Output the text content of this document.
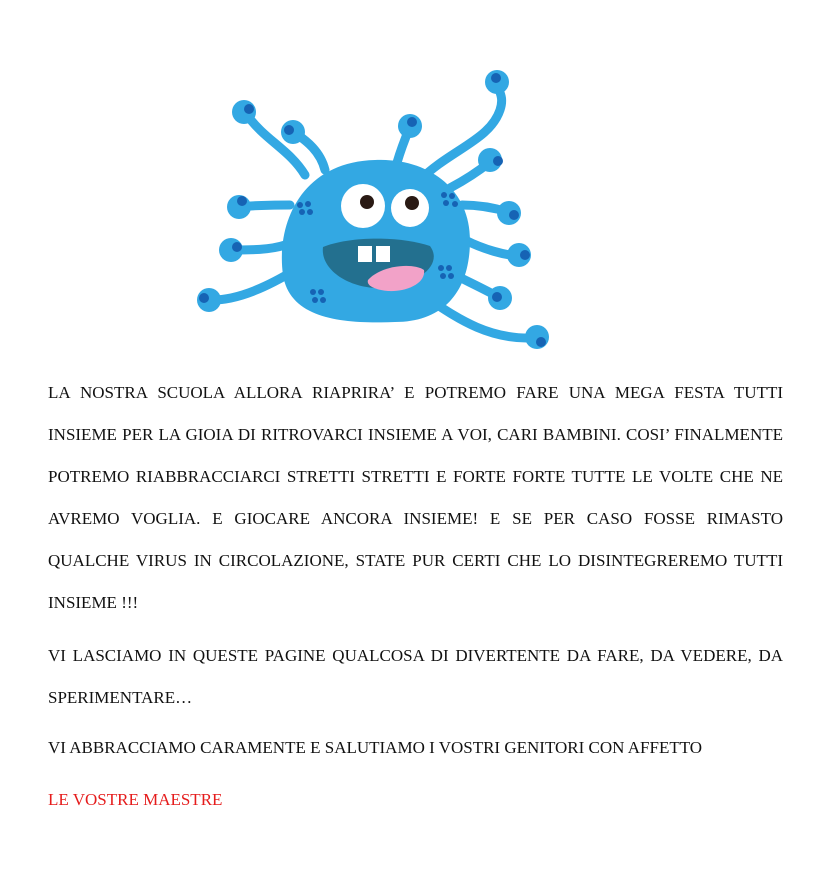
LA NOSTRA SCUOLA ALLORA RIAPRIRA’ E POTREMO FARE UNA MEGA FESTA TUTTI INSIEME PER LA GIOIA DI RITROVARCI INSIEME A VOI, CARI BAMBINI. COSI’ FINALMENTE POTREMO RIABBRACCIARCI STRETTI STRETTI E FORTE FORTE TUTTE LE VOLTE CHE NE AVREMO VOGLIA. E GIOCARE ANCORA INSIEME! E SE PER CASO FOSSE RIMASTO QUALCHE VIRUS IN CIRCOLAZIONE, STATE PUR CERTI CHE LO DISINTEGREREMO TUTTI INSIEME !!!
VI LASCIAMO IN QUESTE PAGINE QUALCOSA DI DIVERTENTE DA FARE, DA VEDERE, DA SPERIMENTARE…
VI ABBRACCIAMO CARAMENTE E SALUTIAMO I VOSTRI GENITORI CON AFFETTO
LE VOSTRE MAESTRE
